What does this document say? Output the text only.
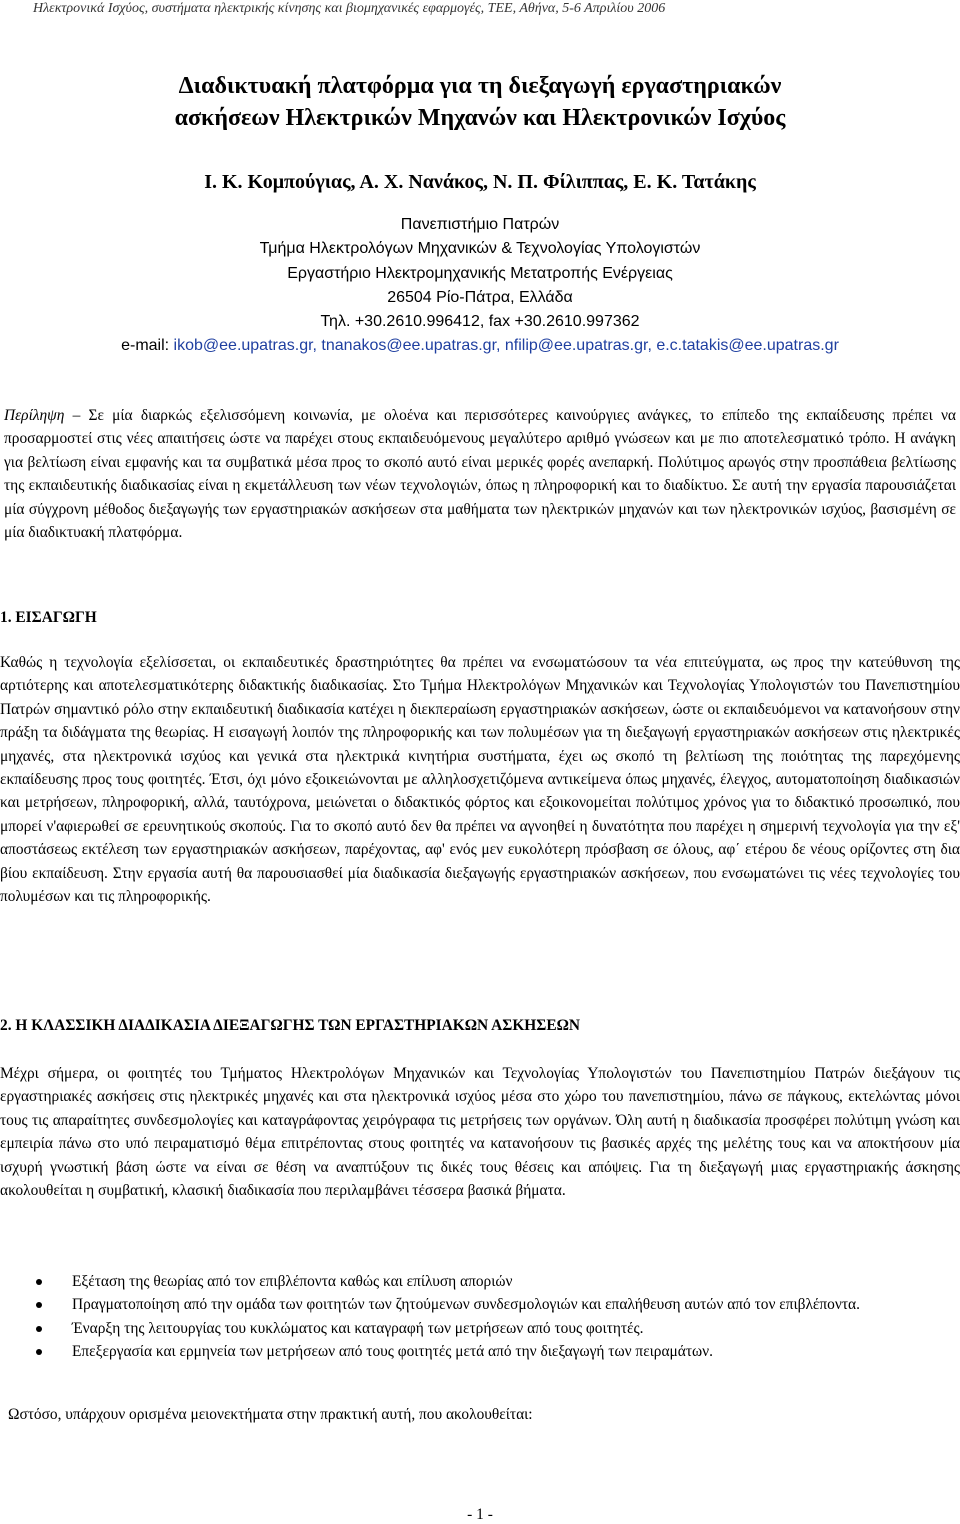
Ηλεκτρονικά Ισχύος, συστήματα ηλεκτρικής κίνησης και βιομηχανικές εφαρμογές, ΤΕΕ, Αθήνα, 5-6 Απριλίου 2006
Διαδικτυακή πλατφόρμα για τη διεξαγωγή εργαστηριακών
ασκήσεων Ηλεκτρικών Μηχανών και Ηλεκτρονικών Ισχύος
Ι. Κ. Κομπούγιας, Α. Χ. Νανάκος, Ν. Π. Φίλιππας, Ε. Κ. Τατάκης
Πανεπιστήμιο Πατρών
Τμήμα Ηλεκτρολόγων Μηχανικών & Τεχνολογίας Υπολογιστών
Εργαστήριο Ηλεκτρομηχανικής Μετατροπής Ενέργειας
26504 Ρίο-Πάτρα, Ελλάδα
Τηλ. +30.2610.996412, fax +30.2610.997362
e-mail: ikob@ee.upatras.gr, tnanakos@ee.upatras.gr, nfilip@ee.upatras.gr, e.c.tatakis@ee.upatras.gr
Περίληψη – Σε μία διαρκώς εξελισσόμενη κοινωνία, με ολοένα και περισσότερες καινούργιες ανάγκες, το επίπεδο της εκπαίδευσης πρέπει να προσαρμοστεί στις νέες απαιτήσεις ώστε να παρέχει στους εκπαιδευόμενους μεγαλύτερο αριθμό γνώσεων και με πιο αποτελεσματικό τρόπο. Η ανάγκη για βελτίωση είναι εμφανής και τα συμβατικά μέσα προς το σκοπό αυτό είναι μερικές φορές ανεπαρκή. Πολύτιμος αρωγός στην προσπάθεια βελτίωσης της εκπαιδευτικής διαδικασίας είναι η εκμετάλλευση των νέων τεχνολογιών, όπως η πληροφορική και το διαδίκτυο. Σε αυτή την εργασία παρουσιάζεται μία σύγχρονη μέθοδος διεξαγωγής των εργαστηριακών ασκήσεων στα μαθήματα των ηλεκτρικών μηχανών και των ηλεκτρονικών ισχύος, βασισμένη σε μία διαδικτυακή πλατφόρμα.
1. ΕΙΣΑΓΩΓΗ
Καθώς η τεχνολογία εξελίσσεται, οι εκπαιδευτικές δραστηριότητες θα πρέπει να ενσωματώσουν τα νέα επιτεύγματα, ως προς την κατεύθυνση της αρτιότερης και αποτελεσματικότερης διδακτικής διαδικασίας. Στο Τμήμα Ηλεκτρολόγων Μηχανικών και Τεχνολογίας Υπολογιστών του Πανεπιστημίου Πατρών σημαντικό ρόλο στην εκπαιδευτική διαδικασία κατέχει η διεκπεραίωση εργαστηριακών ασκήσεων, ώστε οι εκπαιδευόμενοι να κατανοήσουν στην πράξη τα διδάγματα της θεωρίας. Η εισαγωγή λοιπόν της πληροφορικής και των πολυμέσων για τη διεξαγωγή εργαστηριακών ασκήσεων στις ηλεκτρικές μηχανές, στα ηλεκτρονικά ισχύος και γενικά στα ηλεκτρικά κινητήρια συστήματα, έχει ως σκοπό τη βελτίωση της ποιότητας της παρεχόμενης εκπαίδευσης προς τους φοιτητές. Έτσι, όχι μόνο εξοικειώνονται με αλληλοσχετιζόμενα αντικείμενα όπως μηχανές, έλεγχος, αυτοματοποίηση διαδικασιών και μετρήσεων, πληροφορική, αλλά, ταυτόχρονα, μειώνεται ο διδακτικός φόρτος και εξοικονομείται πολύτιμος χρόνος για το διδακτικό προσωπικό, που μπορεί ν'αφιερωθεί σε ερευνητικούς σκοπούς. Για το σκοπό αυτό δεν θα πρέπει να αγνοηθεί η δυνατότητα που παρέχει η σημερινή τεχνολογία για την εξ' αποστάσεως εκτέλεση των εργαστηριακών ασκήσεων, παρέχοντας, αφ' ενός μεν ευκολότερη πρόσβαση σε όλους, αφ΄ ετέρου δε νέους ορίζοντες στη δια βίου εκπαίδευση. Στην εργασία αυτή θα παρουσιασθεί μία διαδικασία διεξαγωγής εργαστηριακών ασκήσεων, που ενσωματώνει τις νέες τεχνολογίες του πολυμέσων και τις πληροφορικής.
2. Η ΚΛΑΣΣΙΚΗ ΔΙΑΔΙΚΑΣΙΑ ΔΙΕΞΑΓΩΓΗΣ ΤΩΝ ΕΡΓΑΣΤΗΡΙΑΚΩΝ ΑΣΚΗΣΕΩΝ
Μέχρι σήμερα, οι φοιτητές του Τμήματος Ηλεκτρολόγων Μηχανικών και Τεχνολογίας Υπολογιστών του Πανεπιστημίου Πατρών διεξάγουν τις εργαστηριακές ασκήσεις στις ηλεκτρικές μηχανές και στα ηλεκτρονικά ισχύος μέσα στο χώρο του πανεπιστημίου, πάνω σε πάγκους, εκτελώντας μόνοι τους τις απαραίτητες συνδεσμολογίες και καταγράφοντας χειρόγραφα τις μετρήσεις των οργάνων. Όλη αυτή η διαδικασία προσφέρει πολύτιμη γνώση και εμπειρία πάνω στο υπό πειραματισμό θέμα επιτρέποντας στους φοιτητές να κατανοήσουν τις βασικές αρχές της μελέτης τους και να αποκτήσουν μία ισχυρή γνωστική βάση ώστε να είναι σε θέση να αναπτύξουν τις δικές τους θέσεις και απόψεις. Για τη διεξαγωγή μιας εργαστηριακής άσκησης ακολουθείται η συμβατική, κλασική διαδικασία που περιλαμβάνει τέσσερα βασικά βήματα.
Εξέταση της θεωρίας από τον επιβλέποντα καθώς και επίλυση αποριών
Πραγματοποίηση από την ομάδα των φοιτητών των ζητούμενων συνδεσμολογιών και επαλήθευση αυτών από τον επιβλέποντα.
Έναρξη της λειτουργίας του κυκλώματος και καταγραφή των μετρήσεων από τους φοιτητές.
Επεξεργασία και ερμηνεία των μετρήσεων από τους φοιτητές μετά από την διεξαγωγή των πειραμάτων.
Ωστόσο, υπάρχουν ορισμένα μειονεκτήματα στην πρακτική αυτή, που ακολουθείται:
- 1 -
